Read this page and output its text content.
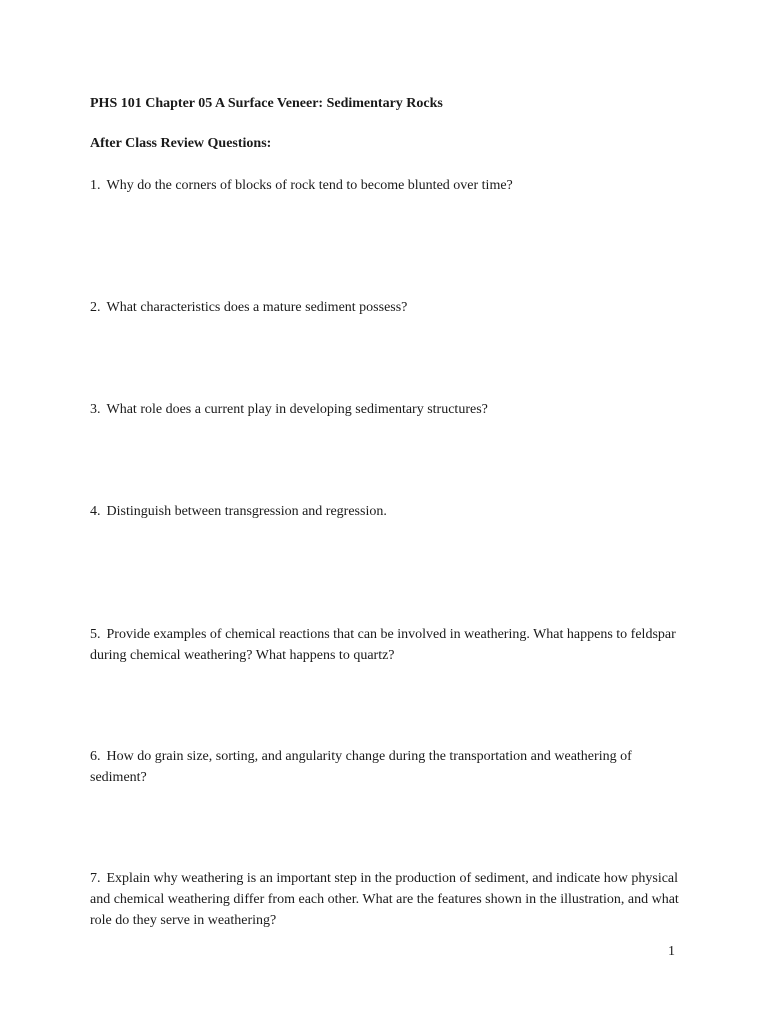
PHS 101 Chapter 05 A Surface Veneer: Sedimentary Rocks
After Class Review Questions:
1. Why do the corners of blocks of rock tend to become blunted over time?
2. What characteristics does a mature sediment possess?
3. What role does a current play in developing sedimentary structures?
4. Distinguish between transgression and regression.
5. Provide examples of chemical reactions that can be involved in weathering. What happens to feldspar during chemical weathering? What happens to quartz?
6. How do grain size, sorting, and angularity change during the transportation and weathering of sediment?
7. Explain why weathering is an important step in the production of sediment, and indicate how physical and chemical weathering differ from each other. What are the features shown in the illustration, and what role do they serve in weathering?
1
